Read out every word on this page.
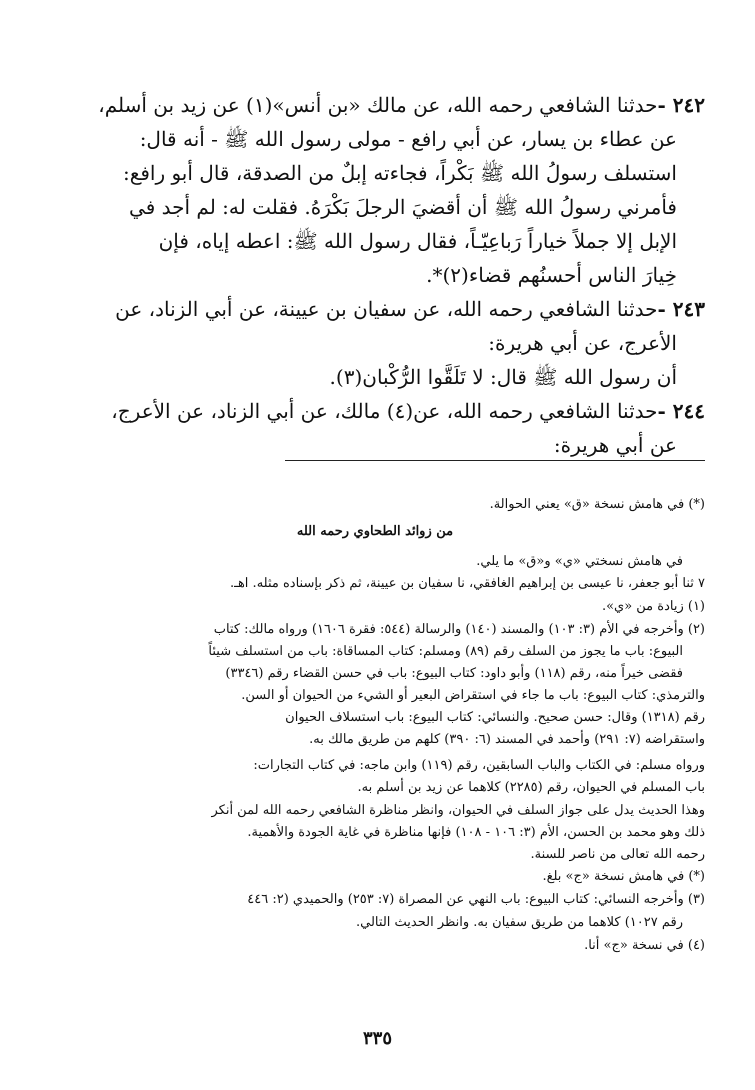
٢٤٢ -حدثنا الشافعي رحمه الله، عن مالك «بن أنس»(١) عن زيد بن أسلم،
عن عطاء بن يسار، عن أبي رافع - مولى رسول الله ﷺ - أنه قال:
استسلف رسولُ الله ﷺ بَكْراً، فجاءته إبلٌ من الصدقة، قال أبو رافع:
فأمرني رسولُ الله ﷺ أن أقضيَ الرجلَ بَكْرَهُ. فقلت له: لم أجد في
الإبل إلا جملاً خياراً رَباعِيّـاً، فقال رسول الله ﷺ: اعطه إياه، فإن
خِيارَ الناس أحسنُهم قضاء(٢)*.
٢٤٣ -حدثنا الشافعي رحمه الله، عن سفيان بن عيينة، عن أبي الزناد، عن
الأعرج، عن أبي هريرة:
أن رسول الله ﷺ قال: لا تَلَقَّوا الرُّكْبان(٣).
٢٤٤ -حدثنا الشافعي رحمه الله، عن(٤) مالك، عن أبي الزناد، عن الأعرج،
عن أبي هريرة:
(*) في هامش نسخة «ق» يعني الحوالة.
من زوائد الطحاوي رحمه الله
في هامش نسختي «ي» و«ق» ما يلي.
٧ ثنا أبو جعفر، نا عيسى بن إبراهيم الغافقي، نا سفيان بن عيينة، ثم ذكر بإسناده مثله. اهـ.
(١) زيادة من «ي».
(٢) وأخرجه في الأم (٣: ١٠٣) والمسند (١٤٠) والرسالة (٥٤٤: فقرة ١٦٠٦) ورواه مالك: كتاب
البيوع: باب ما يجوز من السلف رقم (٨٩) ومسلم: كتاب المساقاة: باب من استسلف شيئاً
فقضى خيراً منه، رقم (١١٨) وأبو داود: كتاب البيوع: باب في حسن القضاء رقم (٣٣٤٦)
والترمذي: كتاب البيوع: باب ما جاء في استقراض البعير أو الشيء من الحيوان أو السن.
رقم (١٣١٨) وقال: حسن صحيح. والنسائي: كتاب البيوع: باب استسلاف الحيوان
واستقراضه (٧: ٢٩١) وأحمد في المسند (٦: ٣٩٠) كلهم من طريق مالك به.
ورواه مسلم: في الكتاب والباب السابقين، رقم (١١٩) وابن ماجه: في كتاب التجارات:
باب المسلم في الحيوان، رقم (٢٢٨٥) كلاهما عن زيد بن أسلم به.
وهذا الحديث يدل على جواز السلف في الحيوان، وانظر مناظرة الشافعي رحمه الله لمن أنكر
ذلك وهو محمد بن الحسن، الأم (٣: ١٠٦ - ١٠٨) فإنها مناظرة في غاية الجودة والأهمية.
رحمه الله تعالى من ناصر للسنة.
(*) في هامش نسخة «ج» بلغ.
(٣) وأخرجه النسائي: كتاب البيوع: باب النهي عن المصراة (٧: ٢٥٣) والحميدي (٢: ٤٤٦
رقم ١٠٢٧) كلاهما من طريق سفيان به. وانظر الحديث التالي.
(٤) في نسخة «ج» أنا.
٣٣٥
